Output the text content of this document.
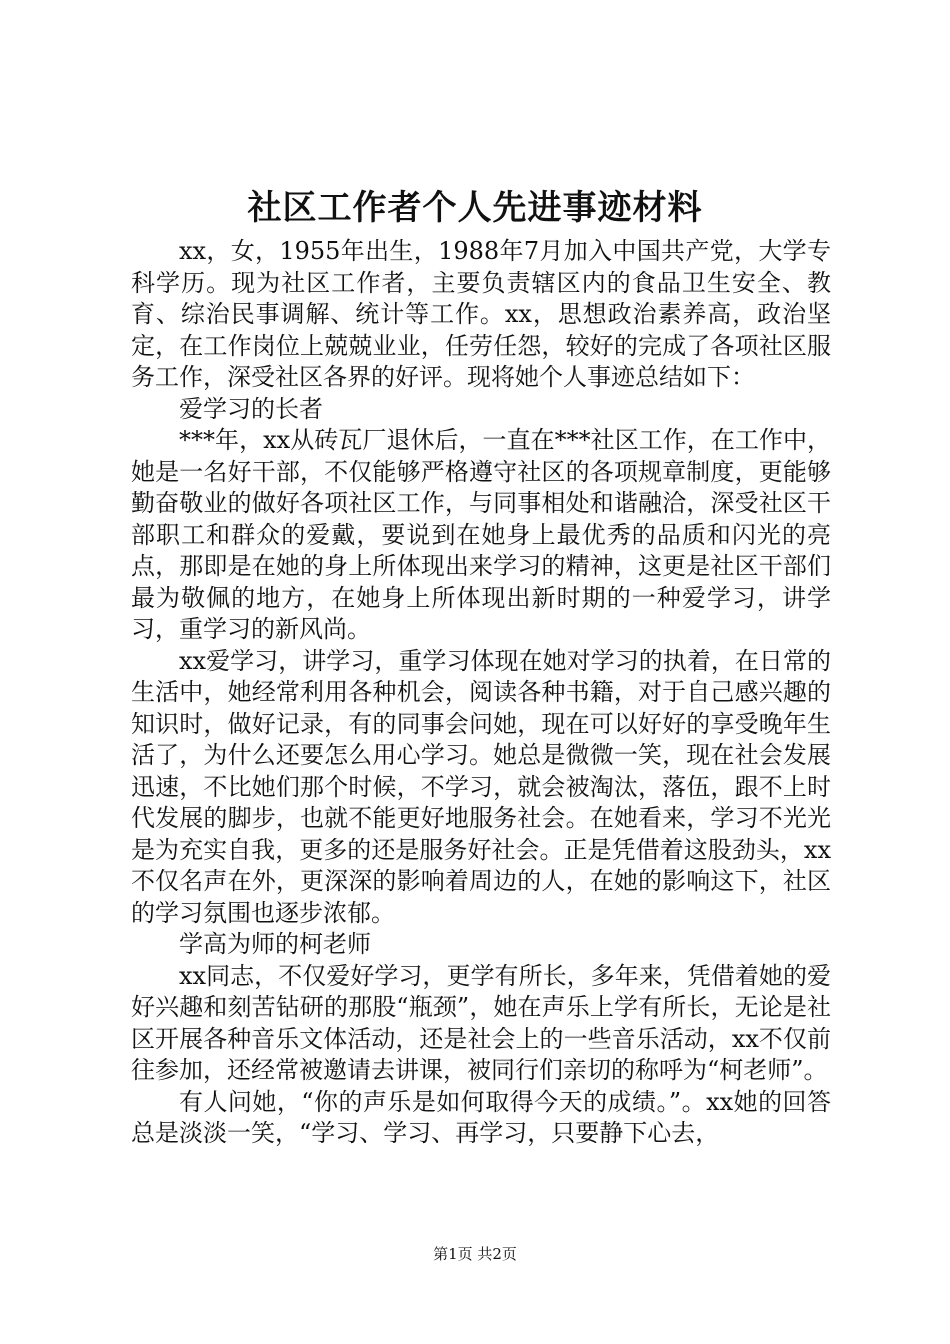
社区工作者个人先进事迹材料

xx，女，1955年出生，1988年7月加入中国共产党，大学专科学历。现为社区工作者，主要负责辖区内的食品卫生安全、教育、综治民事调解、统计等工作。xx，思想政治素养高，政治坚定，在工作岗位上兢兢业业，任劳任怨，较好的完成了各项社区服务工作，深受社区各界的好评。现将她个人事迹总结如下：

爱学习的长者

***年，xx从砖瓦厂退休后，一直在***社区工作，在工作中，她是一名好干部，不仅能够严格遵守社区的各项规章制度，更能够勤奋敬业的做好各项社区工作，与同事相处和谐融洽，深受社区干部职工和群众的爱戴，要说到在她身上最优秀的品质和闪光的亮点，那即是在她的身上所体现出来学习的精神，这更是社区干部们最为敬佩的地方，在她身上所体现出新时期的一种爱学习，讲学习，重学习的新风尚。

xx爱学习，讲学习，重学习体现在她对学习的执着，在日常的生活中，她经常利用各种机会，阅读各种书籍，对于自己感兴趣的知识时，做好记录，有的同事会问她，现在可以好好的享受晚年生活了，为什么还要怎么用心学习。她总是微微一笑，现在社会发展迅速，不比她们那个时候，不学习，就会被淘汰，落伍，跟不上时代发展的脚步，也就不能更好地服务社会。在她看来，学习不光光是为充实自我，更多的还是服务好社会。正是凭借着这股劲头，xx不仅名声在外，更深深的影响着周边的人，在她的影响这下，社区的学习氛围也逐步浓郁。

学高为师的柯老师

xx同志，不仅爱好学习，更学有所长，多年来，凭借着她的爱好兴趣和刻苦钻研的那股“瓶颈”，她在声乐上学有所长，无论是社区开展各种音乐文体活动，还是社会上的一些音乐活动，xx不仅前往参加，还经常被邀请去讲课，被同行们亲切的称呼为“柯老师”。

有人问她，“你的声乐是如何取得今天的成绩。”。xx她的回答总是淡淡一笑，“学习、学习、再学习，只要静下心去，

第1页 共2页
